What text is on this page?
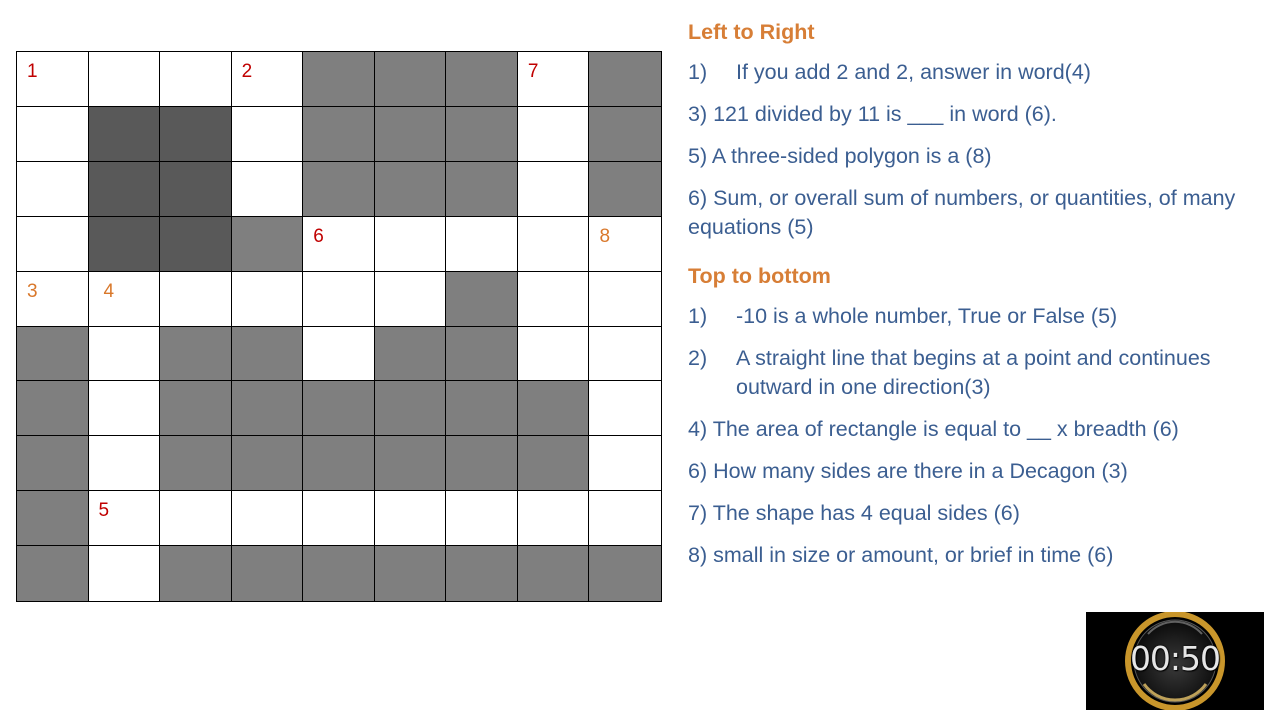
1	2	7
6	8
3	4
5
Left to Right
1)	If you add 2 and 2, answer in word(4)
3) 121 divided by 11 is ___ in word (6).
5) A three-sided polygon is a (8)
6) Sum, or overall sum of numbers, or quantities, of many equations (5)
Top to bottom
1)	-10 is a whole number, True or False (5)
2)	A straight line that begins at a point and continues outward in one direction(3)
4) The area of rectangle is equal to __ x breadth (6)
6) How many sides are there in a Decagon (3)
7) The shape has 4 equal sides (6)
8) small in size or amount, or brief in time (6)
00:50
